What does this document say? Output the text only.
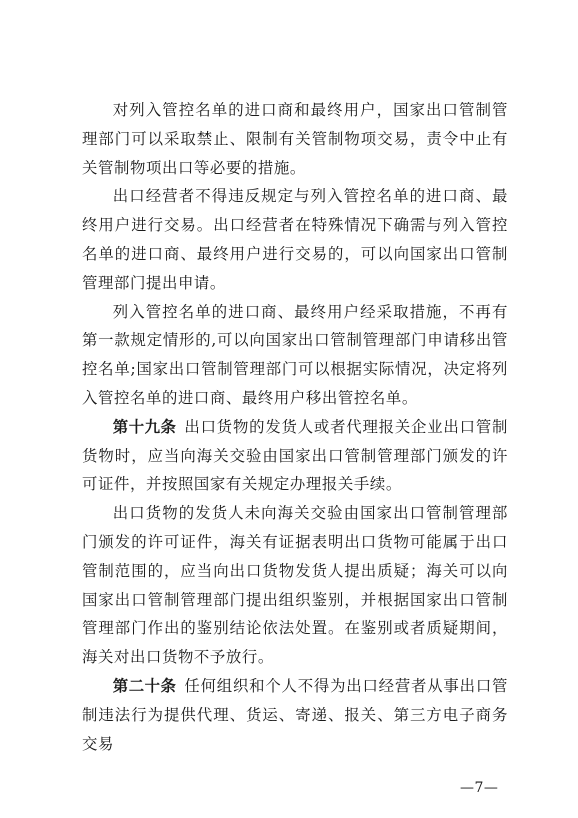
对列入管控名单的进口商和最终用户，国家出口管制管理部门可以采取禁止、限制有关管制物项交易，责令中止有关管制物项出口等必要的措施。

出口经营者不得违反规定与列入管控名单的进口商、最终用户进行交易。出口经营者在特殊情况下确需与列入管控名单的进口商、最终用户进行交易的，可以向国家出口管制管理部门提出申请。

列入管控名单的进口商、最终用户经采取措施，不再有第一款规定情形的,可以向国家出口管制管理部门申请移出管控名单;国家出口管制管理部门可以根据实际情况，决定将列入管控名单的进口商、最终用户移出管控名单。

第十九条 出口货物的发货人或者代理报关企业出口管制货物时，应当向海关交验由国家出口管制管理部门颁发的许可证件，并按照国家有关规定办理报关手续。

出口货物的发货人未向海关交验由国家出口管制管理部门颁发的许可证件，海关有证据表明出口货物可能属于出口管制范围的，应当向出口货物发货人提出质疑；海关可以向国家出口管制管理部门提出组织鉴别，并根据国家出口管制管理部门作出的鉴别结论依法处置。在鉴别或者质疑期间，海关对出口货物不予放行。

第二十条 任何组织和个人不得为出口经营者从事出口管制违法行为提供代理、货运、寄递、报关、第三方电子商务交易

—7—
